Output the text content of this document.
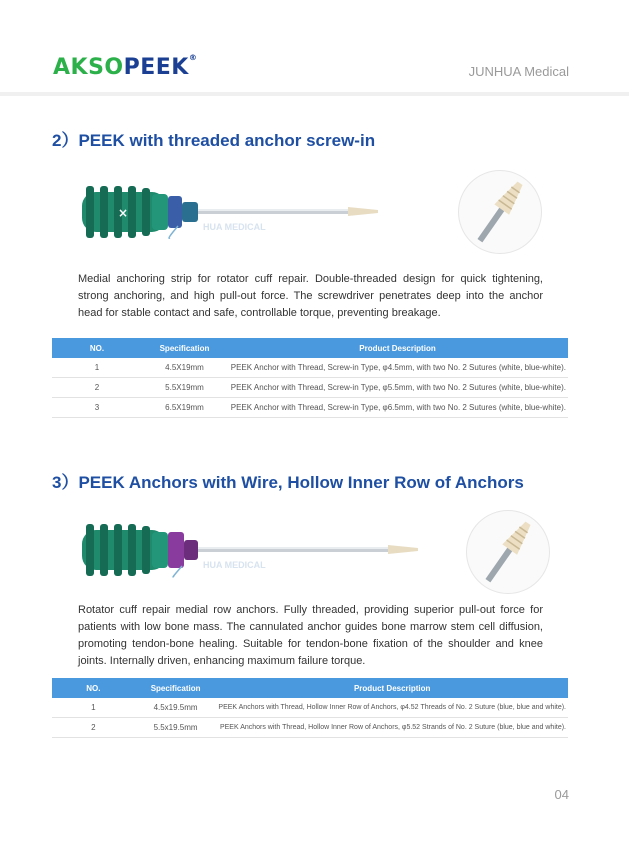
AKSOPEEK®
JUNHUA Medical
2）PEEK with threaded anchor screw-in
×
HUA MEDICAL
Medial anchoring strip for rotator cuff repair. Double-threaded design for quick tightening, strong anchoring, and high pull-out force. The screwdriver penetrates deep into the anchor head for stable contact and safe, controllable torque, preventing breakage.
NO.	Specification	Product Description
1	4.5X19mm	PEEK Anchor with Thread, Screw-in Type, φ4.5mm, with two No. 2 Sutures (white, blue-white).
2	5.5X19mm	PEEK Anchor with Thread, Screw-in Type, φ5.5mm, with two No. 2 Sutures (white, blue-white).
3	6.5X19mm	PEEK Anchor with Thread, Screw-in Type, φ6.5mm, with two No. 2 Sutures (white, blue-white).
3）PEEK Anchors with Wire, Hollow Inner Row of Anchors
HUA MEDICAL
Rotator cuff repair medial row anchors. Fully threaded, providing superior pull-out force for patients with low bone mass. The cannulated anchor guides bone marrow stem cell diffusion, promoting tendon-bone healing. Suitable for tendon-bone fixation of the shoulder and knee joints. Internally driven, enhancing maximum failure torque.
NO.	Specification	Product Description
1	4.5x19.5mm	PEEK Anchors with Thread, Hollow Inner Row of Anchors, φ4.52 Threads of No. 2 Suture (blue, blue and white).
2	5.5x19.5mm	PEEK Anchors with Thread, Hollow Inner Row of Anchors, φ5.52 Strands of No. 2 Suture (blue, blue and white).
04
